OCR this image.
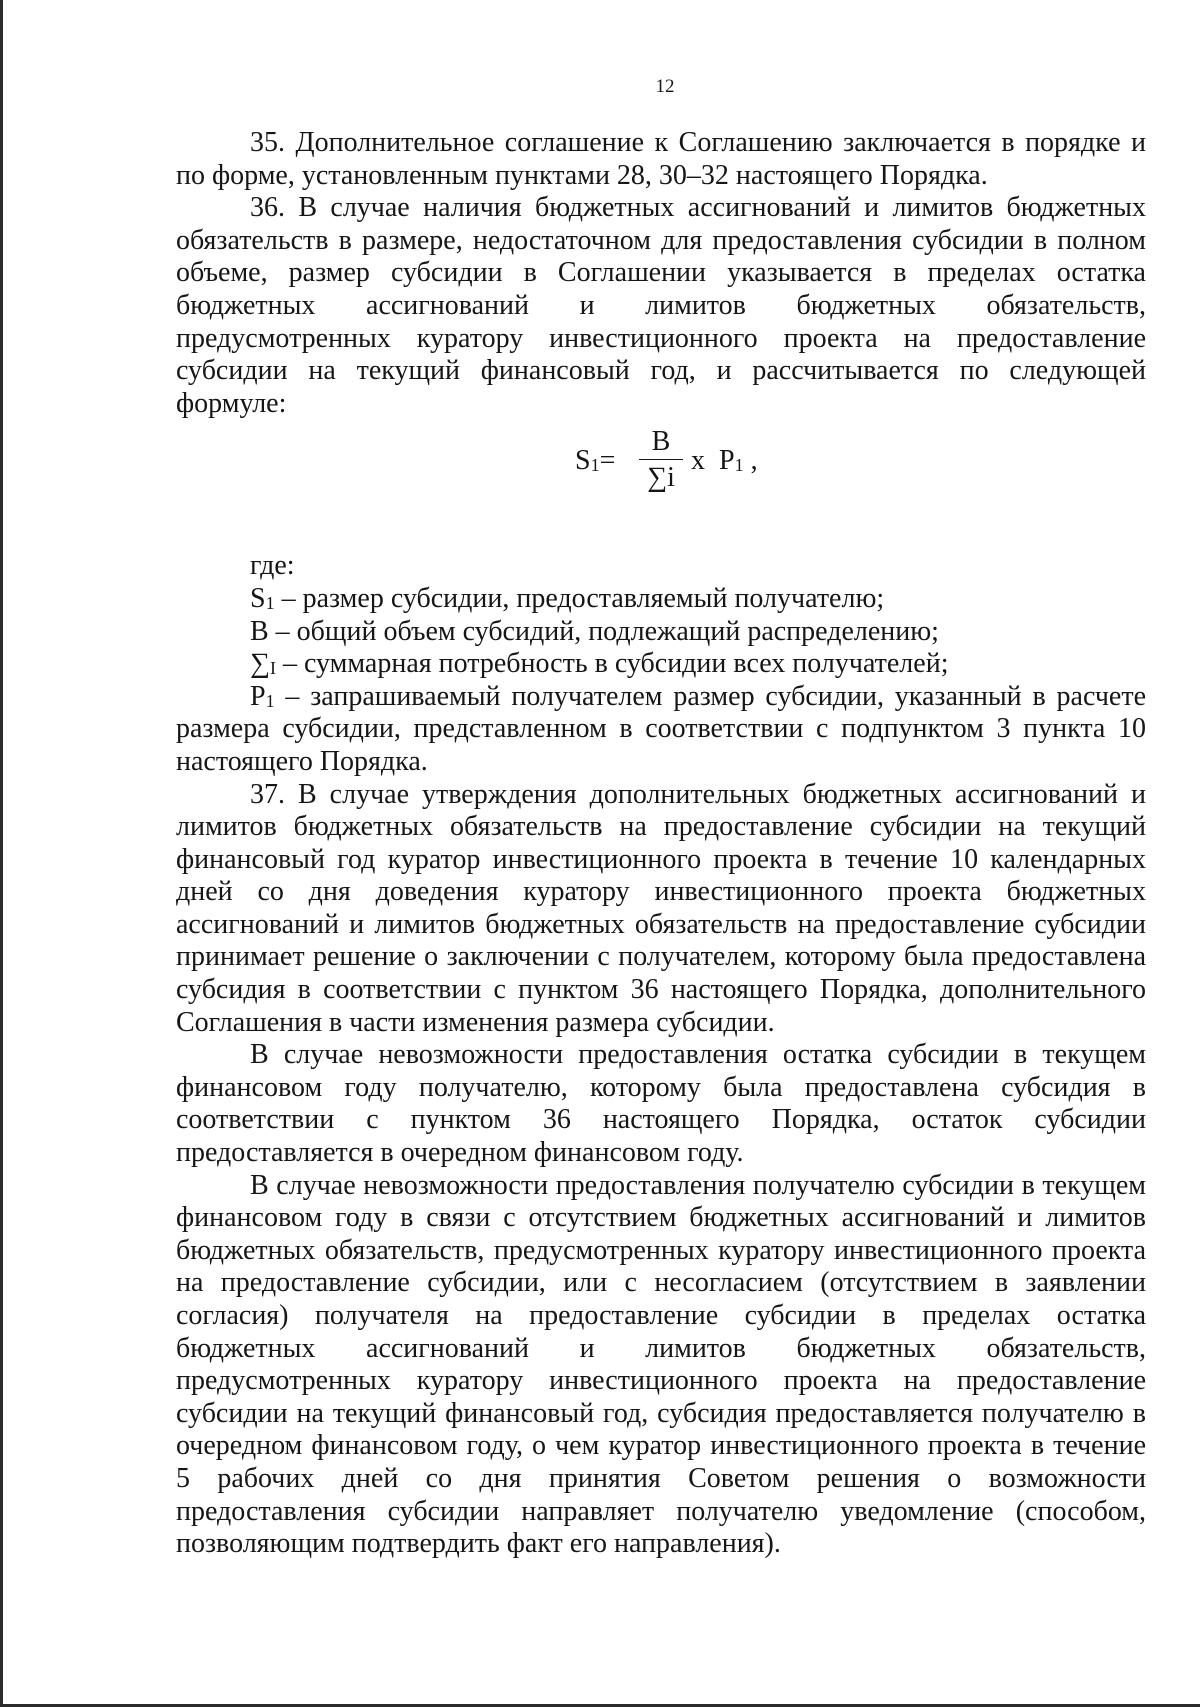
12

35. Дополнительное соглашение к Соглашению заключается в порядке и по форме, установленным пунктами 28, 30–32 настоящего Порядка.

36. В случае наличия бюджетных ассигнований и лимитов бюджетных обязательств в размере, недостаточном для предоставления субсидии в полном объеме, размер субсидии в Соглашении указывается в пределах остатка бюджетных ассигнований и лимитов бюджетных обязательств, предусмотренных куратору инвестиционного проекта на предоставление субсидии на текущий финансовый год, и рассчитывается по следующей формуле:

$S_1=$
B
∑i
x $P_1$ ,

где:

$S_1$ – размер субсидии, предоставляемый получателю;

B – общий объем субсидий, подлежащий распределению;

$\sum_I$ – суммарная потребность в субсидии всех получателей;

$P_1$ – запрашиваемый получателем размер субсидии, указанный в расчете размера субсидии, представленном в соответствии с подпунктом 3 пункта 10 настоящего Порядка.

37. В случае утверждения дополнительных бюджетных ассигнований и лимитов бюджетных обязательств на предоставление субсидии на текущий финансовый год куратор инвестиционного проекта в течение 10 календарных дней со дня доведения куратору инвестиционного проекта бюджетных ассигнований и лимитов бюджетных обязательств на предоставление субсидии принимает решение о заключении с получателем, которому была предоставлена субсидия в соответствии с пунктом 36 настоящего Порядка, дополнительного Соглашения в части изменения размера субсидии.

В случае невозможности предоставления остатка субсидии в текущем финансовом году получателю, которому была предоставлена субсидия в соответствии с пунктом 36 настоящего Порядка, остаток субсидии предоставляется в очередном финансовом году.

В случае невозможности предоставления получателю субсидии в текущем финансовом году в связи с отсутствием бюджетных ассигнований и лимитов бюджетных обязательств, предусмотренных куратору инвестиционного проекта на предоставление субсидии, или с несогласием (отсутствием в заявлении согласия) получателя на предоставление субсидии в пределах остатка бюджетных ассигнований и лимитов бюджетных обязательств, предусмотренных куратору инвестиционного проекта на предоставление субсидии на текущий финансовый год, субсидия предоставляется получателю в очередном финансовом году, о чем куратор инвестиционного проекта в течение 5 рабочих дней со дня принятия Советом решения о возможности предоставления субсидии направляет получателю уведомление (способом, позволяющим подтвердить факт его направления).
